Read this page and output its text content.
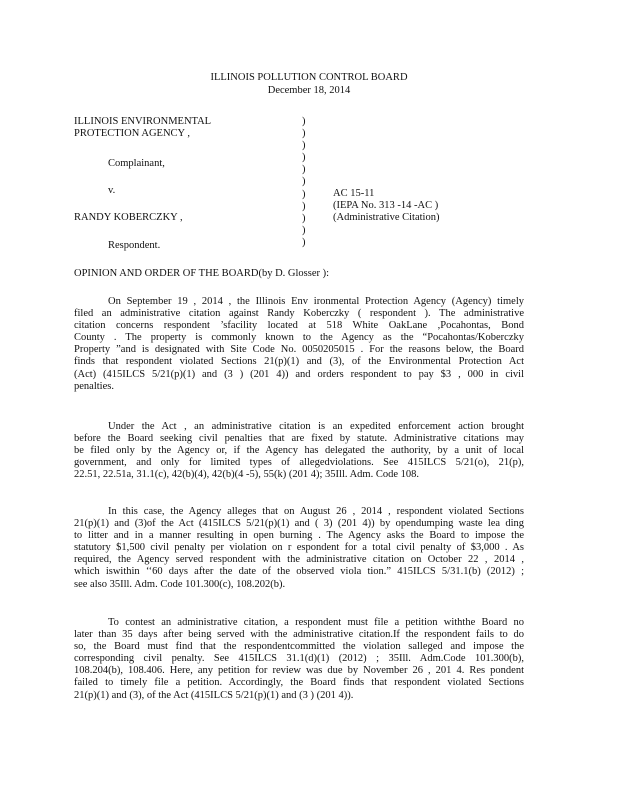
ILLINOIS POLLUTION CONTROL BOARD
December 18, 2014
ILLINOIS ENVIRONMENTAL
PROTECTION AGENCY ,
Complainant,
v.
RANDY KOBERCZKY ,
Respondent.
)
)
)
)
)
)
)
)
)
)
)
AC 15-11
(IEPA No. 313 -14 -AC )
(Administrative Citation)
OPINION AND ORDER OF THE BOARD(by D. Glosser ):
On September 19 , 2014 , the Illinois Env ironmental Protection Agency (Agency) timely
filed an administrative citation against Randy Koberczky ( respondent ). The administrative
citation concerns respondent ’sfacility located at 518 White OakLane ,Pocahontas, Bond
County . The property is commonly known to the Agency as the “Pocahontas/Koberczky
Property ”and is designated with Site Code No. 0050205015 . For the reasons below, the Board
finds that respondent violated Sections 21(p)(1) and (3), of the Environmental Protection Act
(Act) (415ILCS 5/21(p)(1) and (3 ) (201 4)) and orders respondent to pay $3 , 000 in civil
penalties.
Under the Act , an administrative citation is an expedited enforcement action brought
before the Board seeking civil penalties that are fixed by statute. Administrative citations may
be filed only by the Agency or, if the Agency has delegated the authority, by a unit of local
government, and only for limited types of allegedviolations. See 415ILCS 5/21(o), 21(p),
22.51, 22.51a, 31.1(c), 42(b)(4), 42(b)(4 -5), 55(k) (201 4); 35Ill. Adm. Code 108.
In this case, the Agency alleges that on August 26 , 2014 , respondent violated Sections
21(p)(1) and (3)of the Act (415ILCS 5/21(p)(1) and ( 3) (201 4)) by opendumping waste lea ding
to litter and in a manner resulting in open burning . The Agency asks the Board to impose the
statutory $1,500 civil penalty per violation on r espondent for a total civil penalty of $3,000 . As
required, the Agency served respondent with the administrative citation on October 22 , 2014 ,
which iswithin ‘‘60 days after the date of the observed viola tion.” 415ILCS 5/31.1(b) (2012) ;
see also 35Ill. Adm. Code 101.300(c), 108.202(b).
To contest an administrative citation, a respondent must file a petition withthe Board no
later than 35 days after being served with the administrative citation.If the respondent fails to do
so, the Board must find that the respondentcommitted the violation salleged and impose the
corresponding civil penalty. See 415ILCS 31.1(d)(1) (2012) ; 35Ill. Adm.Code 101.300(b),
108.204(b), 108.406. Here, any petition for review was due by November 26 , 201 4. Res pondent
failed to timely file a petition. Accordingly, the Board finds that respondent violated Sections
21(p)(1) and (3), of the Act (415ILCS 5/21(p)(1) and (3 ) (201 4)).
